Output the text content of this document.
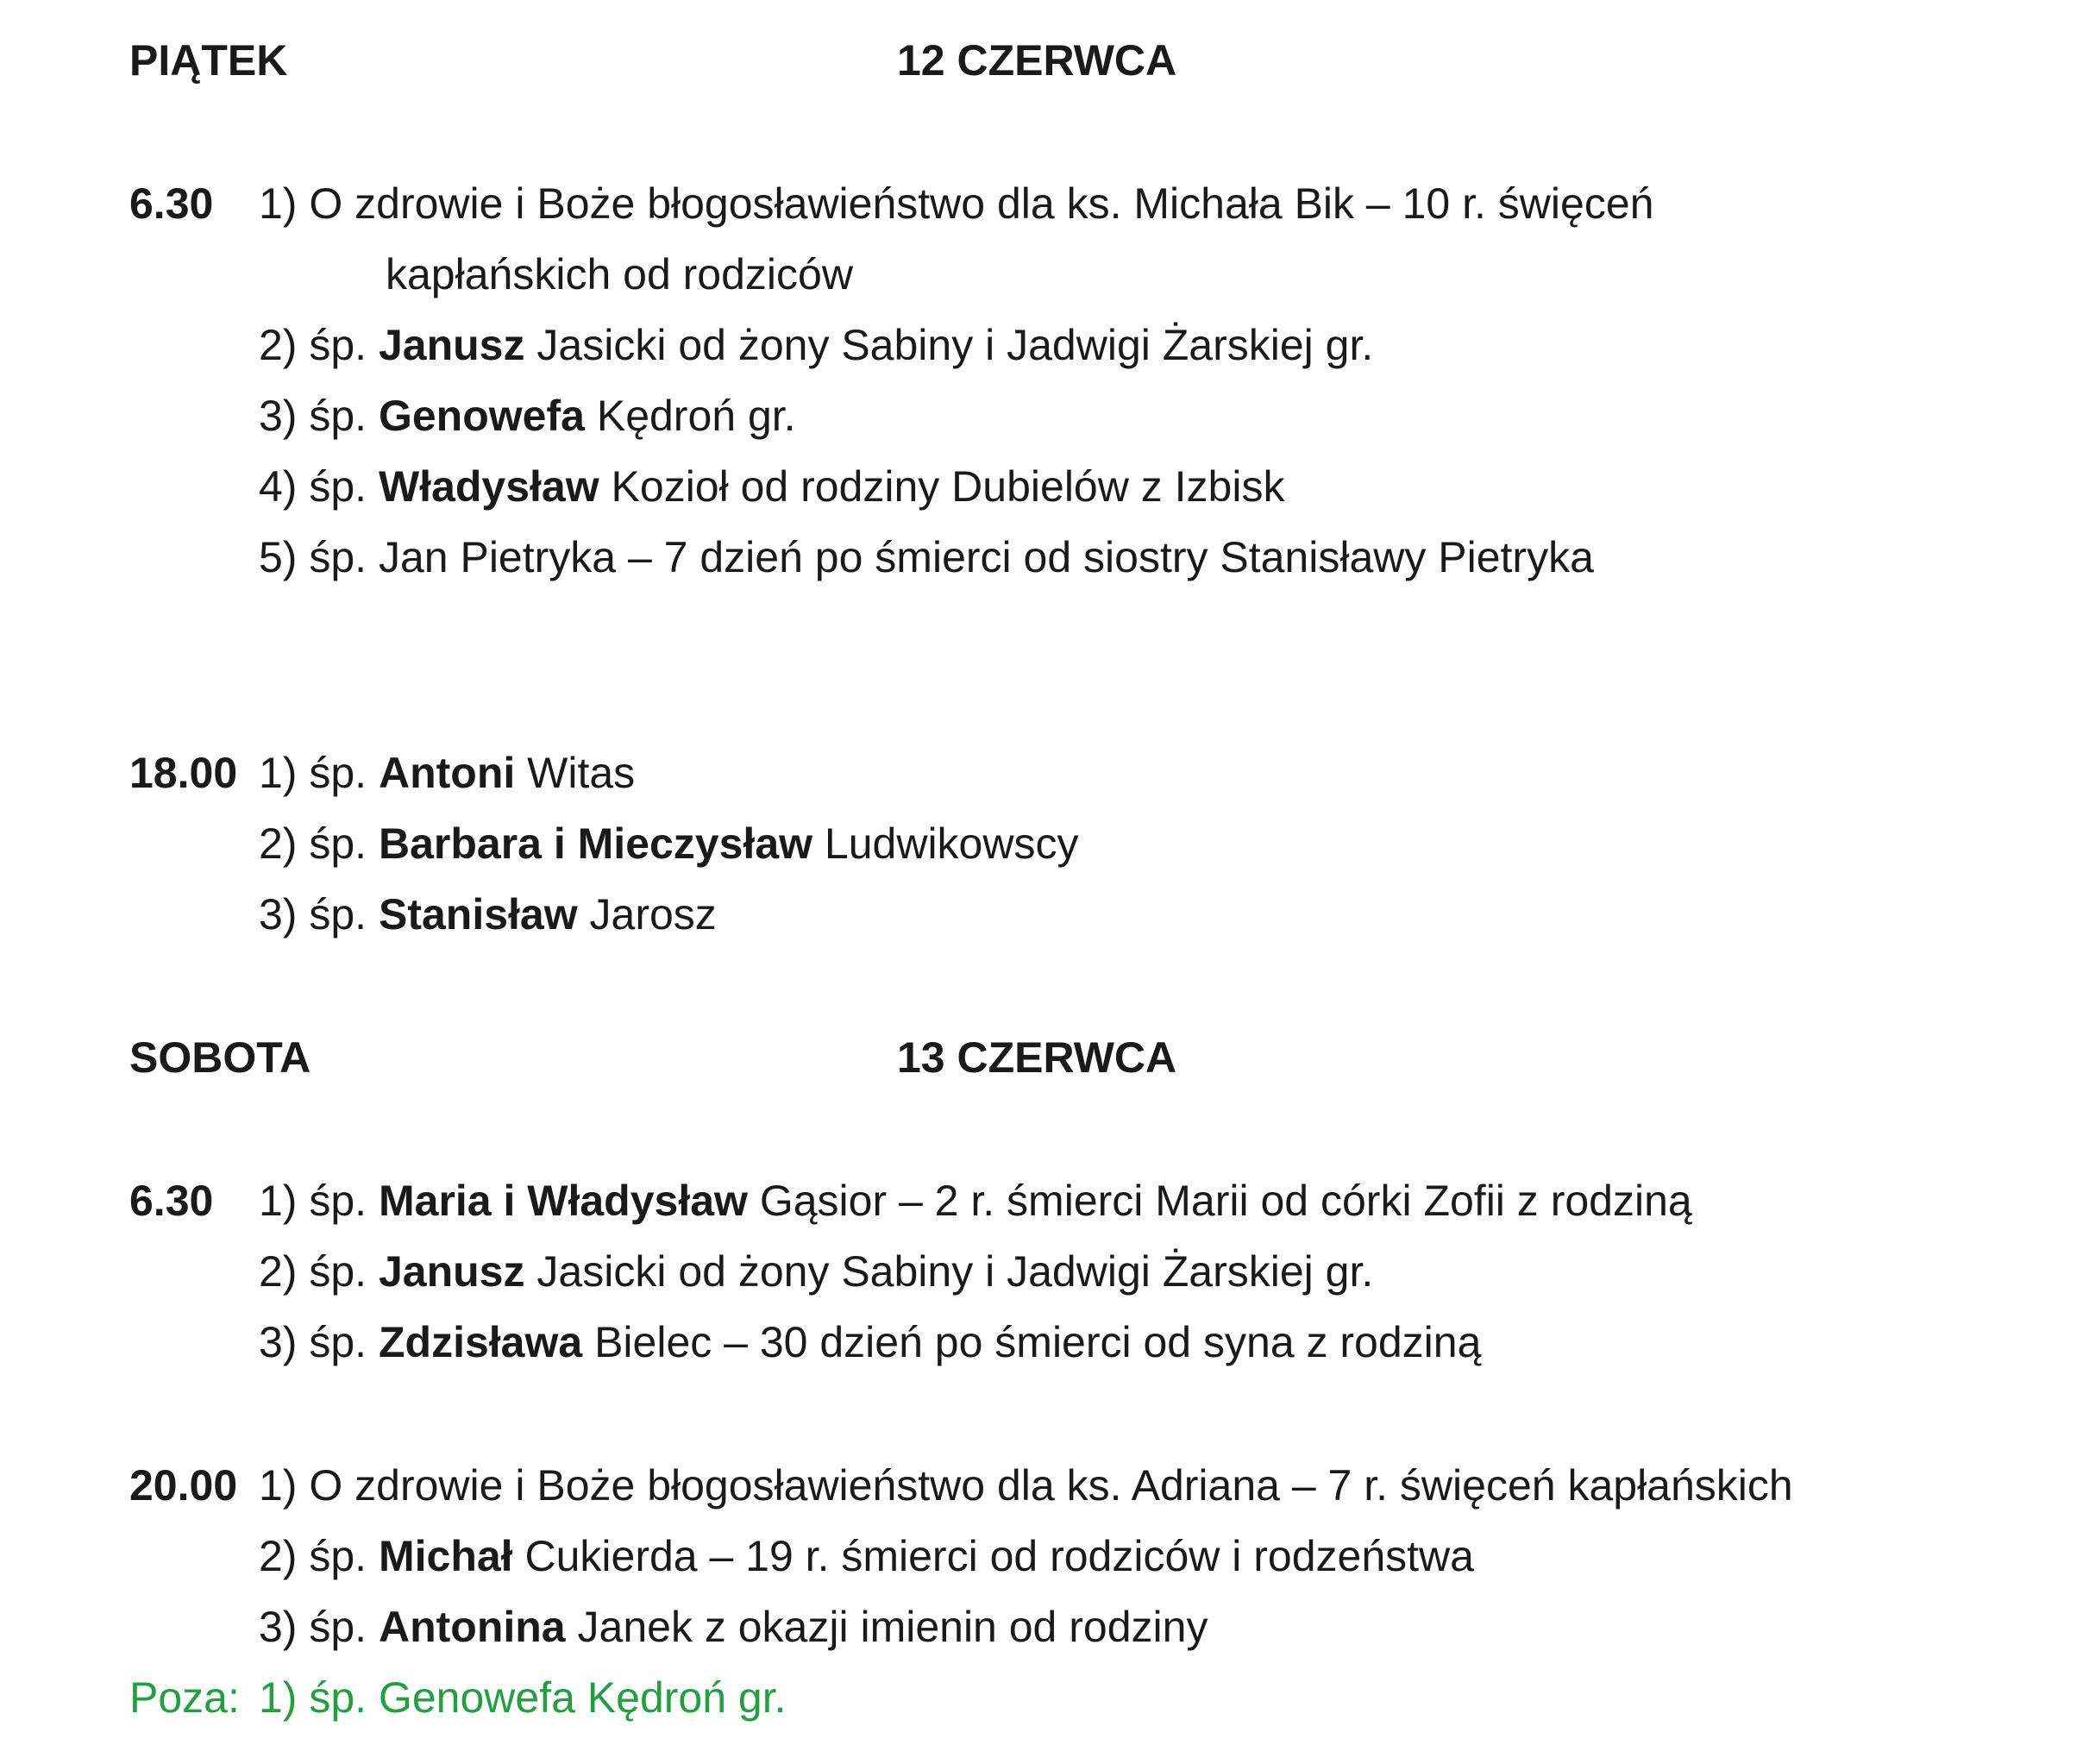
PIĄTEK	12 CZERWCA
6.30 1) O zdrowie i Boże błogosławieństwo dla ks. Michała Bik – 10 r. święceń
kapłańskich od rodziców
2) śp. Janusz Jasicki od żony Sabiny i Jadwigi Żarskiej gr.
3) śp. Genowefa Kędroń gr.
4) śp. Władysław Kozioł od rodziny Dubielów z Izbisk
5) śp. Jan Pietryka – 7 dzień po śmierci od siostry Stanisławy Pietryka
18.00 1) śp. Antoni Witas
2) śp. Barbara i Mieczysław Ludwikowscy
3) śp. Stanisław Jarosz
SOBOTA	13 CZERWCA
6.30 1) śp. Maria i Władysław Gąsior – 2 r. śmierci Marii od córki Zofii z rodziną
2) śp. Janusz Jasicki od żony Sabiny i Jadwigi Żarskiej gr.
3) śp. Zdzisława Bielec – 30 dzień po śmierci od syna z rodziną
20.00 1) O zdrowie i Boże błogosławieństwo dla ks. Adriana – 7 r. święceń kapłańskich
2) śp. Michał Cukierda – 19 r. śmierci od rodziców i rodzeństwa
3) śp. Antonina Janek z okazji imienin od rodziny
Poza: 1) śp. Genowefa Kędroń gr.
